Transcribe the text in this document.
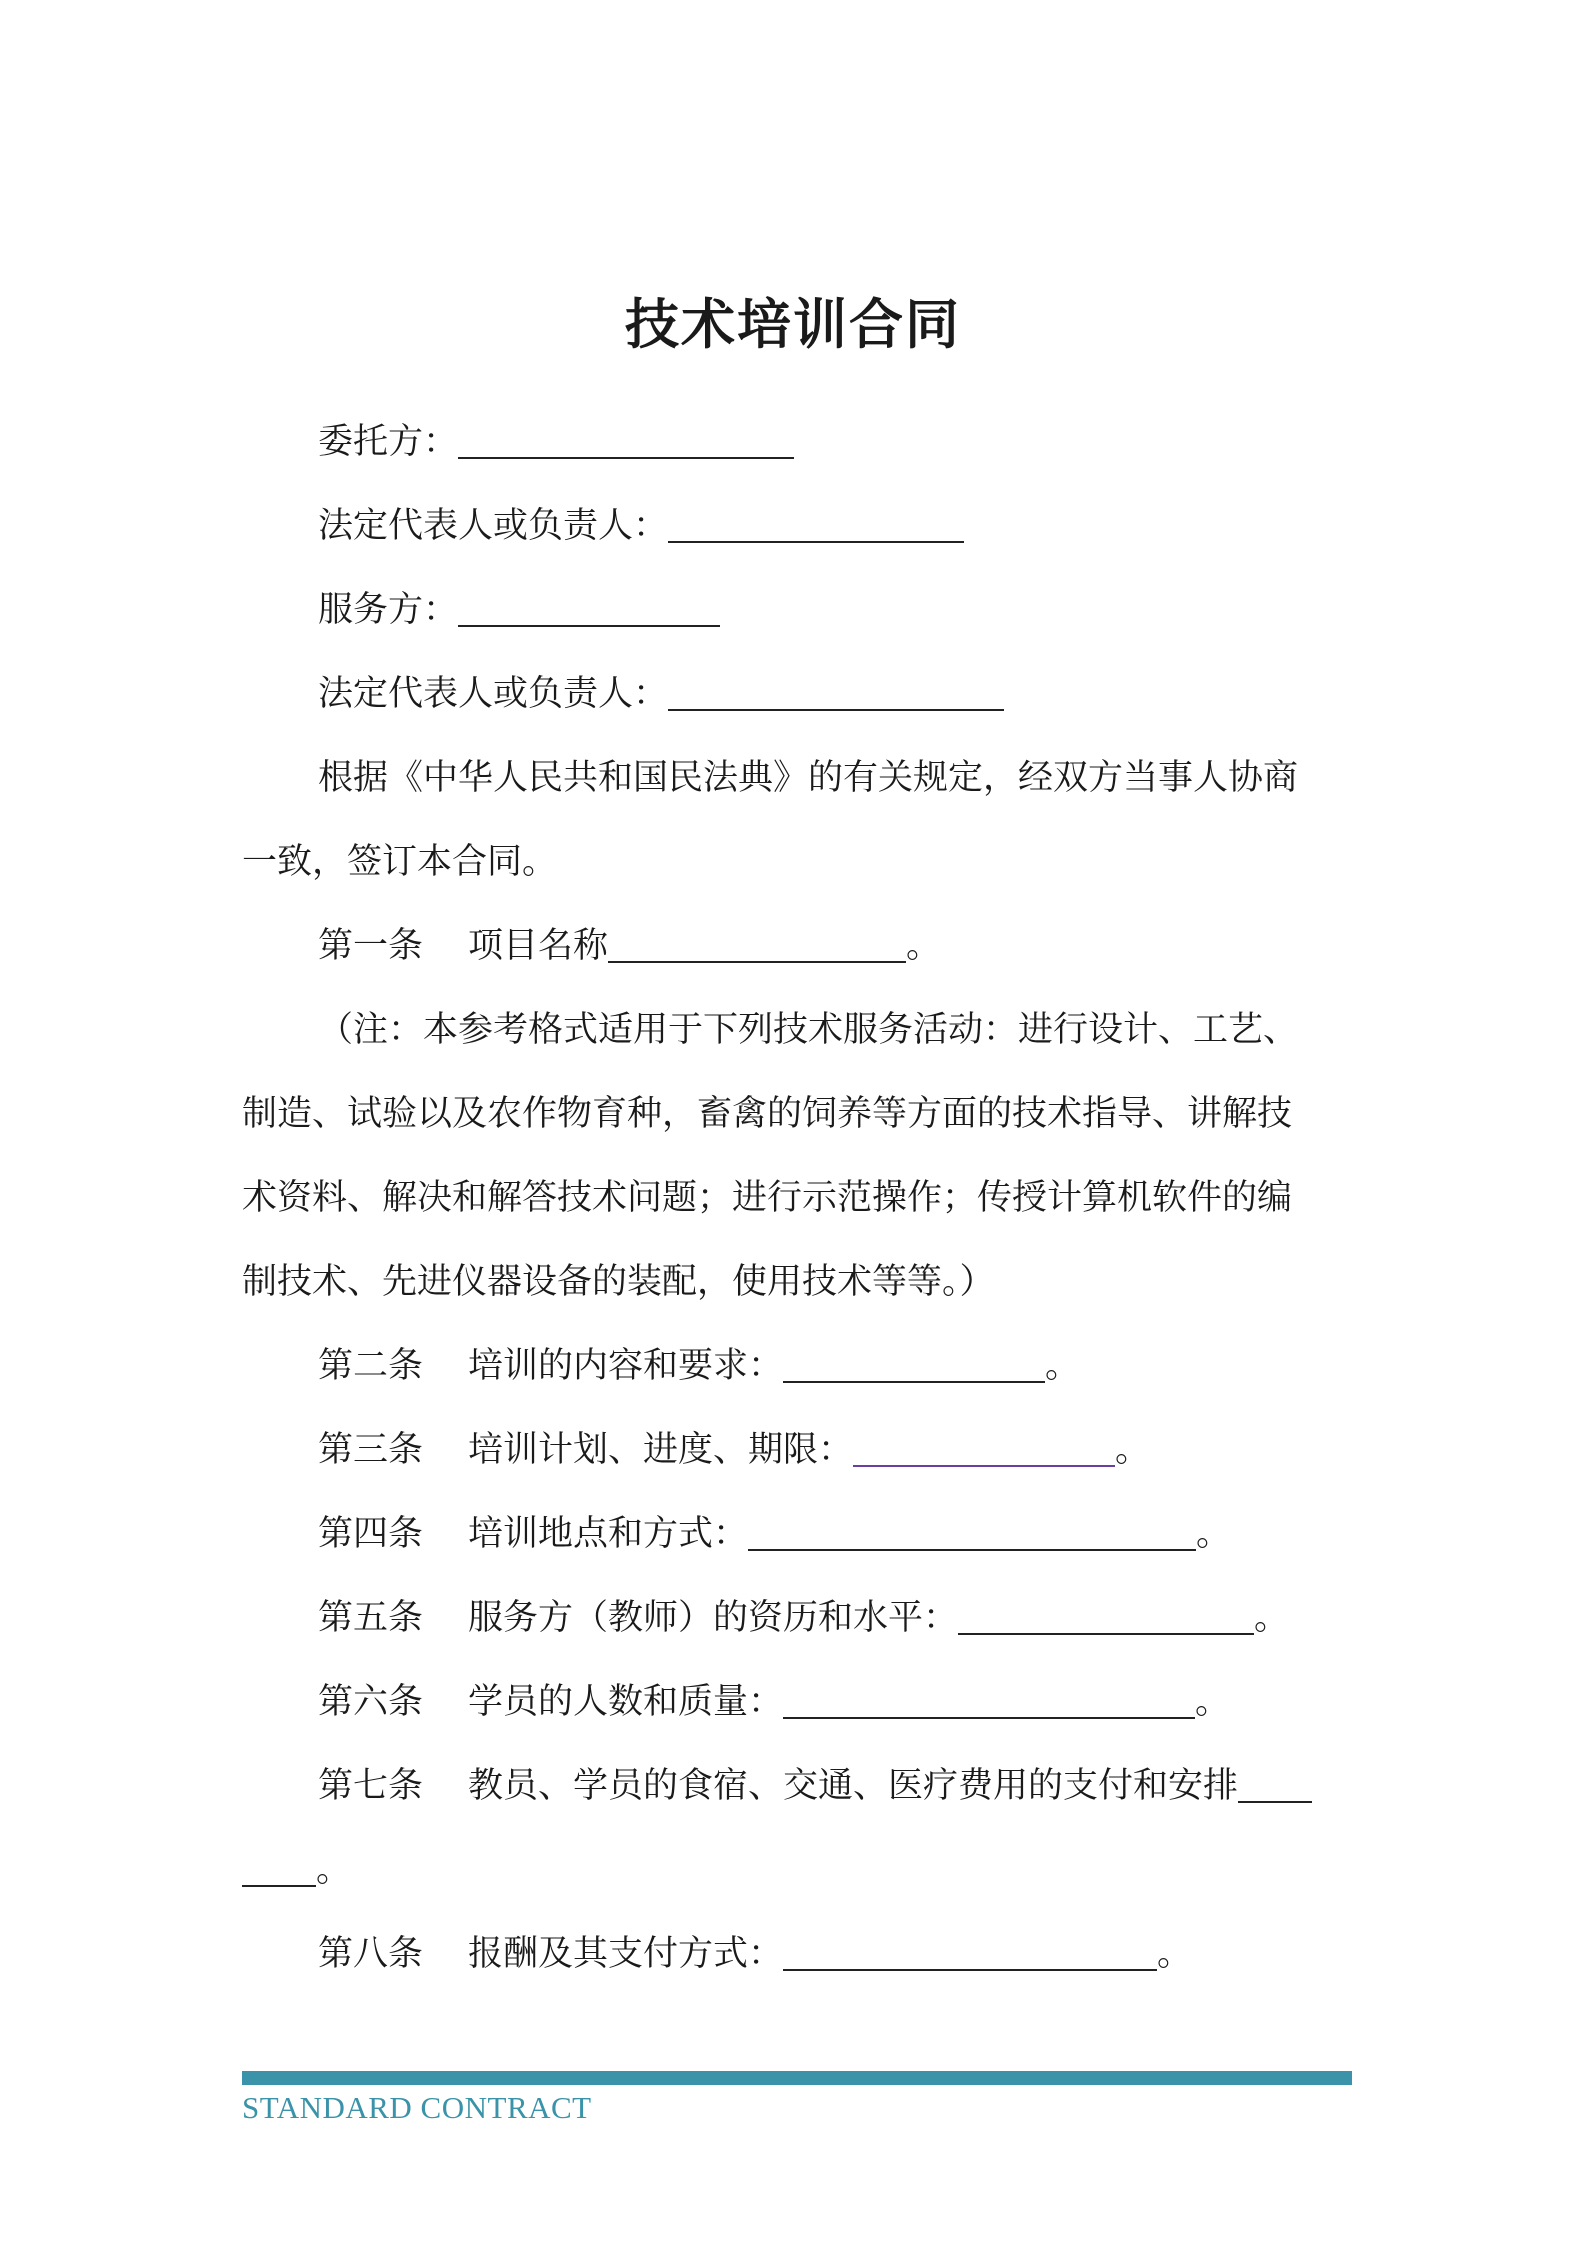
技术培训合同
委托方：
法定代表人或负责人：
服务方：
法定代表人或负责人：
根据《中华人民共和国民法典》的有关规定，经双方当事人协商
一致，签订本合同。
第一条 项目名称	。
（注：本参考格式适用于下列技术服务活动：进行设计、工艺、
制造、试验以及农作物育种，畜禽的饲养等方面的技术指导、讲解技
术资料、解决和解答技术问题；进行示范操作；传授计算机软件的编
制技术、先进仪器设备的装配，使用技术等等。）
第二条 培训的内容和要求：	。
第三条 培训计划、进度、期限：	。
第四条 培训地点和方式：	。
第五条 服务方（教师）的资历和水平：	。
第六条 学员的人数和质量：	。
第七条 教员、学员的食宿、交通、医疗费用的支付和安排
。
第八条 报酬及其支付方式：	。
STANDARD CONTRACT
